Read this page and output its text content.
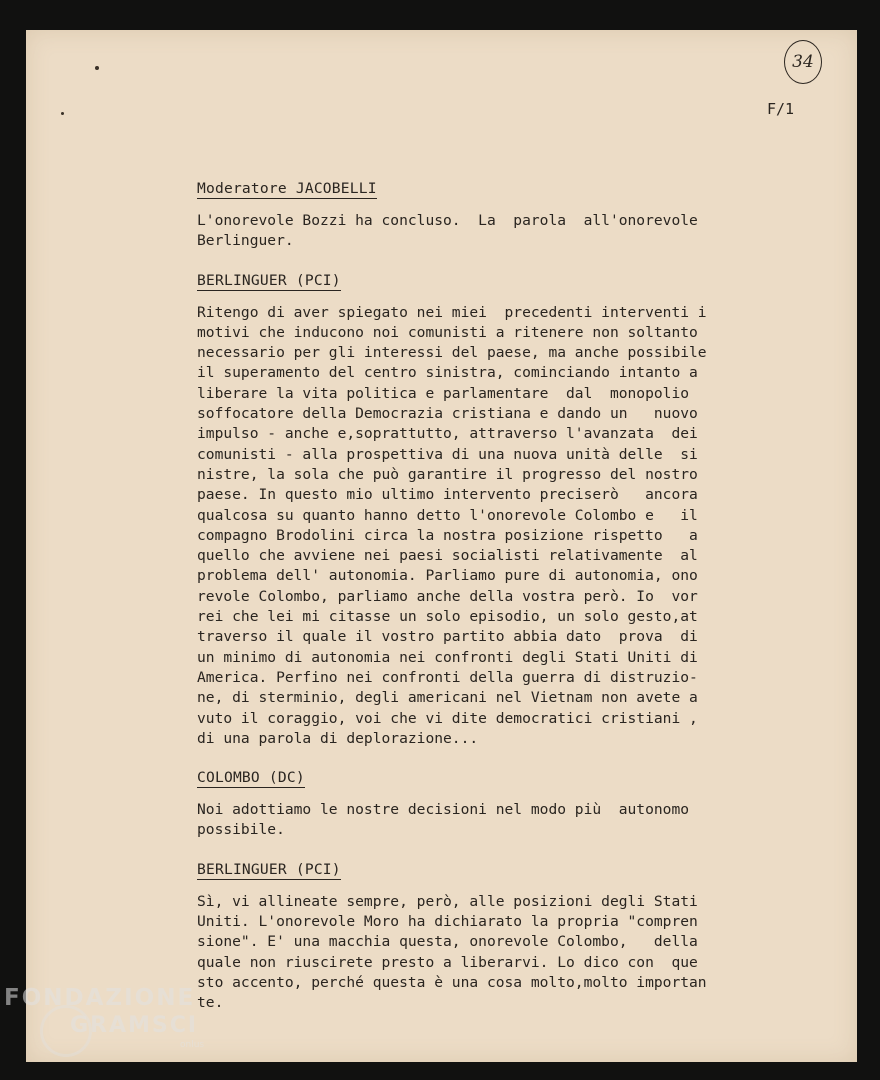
34
F/1
Moderatore JACOBELLI
L'onorevole Bozzi ha concluso.  La  parola  all'onorevole
Berlinguer.
BERLINGUER (PCI)
Ritengo di aver spiegato nei miei  precedenti interventi i
motivi che inducono noi comunisti a ritenere non soltanto
necessario per gli interessi del paese, ma anche possibile
il superamento del centro sinistra, cominciando intanto a
liberare la vita politica e parlamentare  dal  monopolio
soffocatore della Democrazia cristiana e dando un   nuovo
impulso - anche e,soprattutto, attraverso l'avanzata  dei
comunisti - alla prospettiva di una nuova unità delle  si
nistre, la sola che può garantire il progresso del nostro
paese. In questo mio ultimo intervento preciserò   ancora
qualcosa su quanto hanno detto l'onorevole Colombo e   il
compagno Brodolini circa la nostra posizione rispetto   a
quello che avviene nei paesi socialisti relativamente  al
problema dell' autonomia. Parliamo pure di autonomia, ono
revole Colombo, parliamo anche della vostra però. Io  vor
rei che lei mi citasse un solo episodio, un solo gesto,at
traverso il quale il vostro partito abbia dato  prova  di
un minimo di autonomia nei confronti degli Stati Uniti di
America. Perfino nei confronti della guerra di distruzio-
ne, di sterminio, degli americani nel Vietnam non avete a
vuto il coraggio, voi che vi dite democratici cristiani ,
di una parola di deplorazione...
COLOMBO (DC)
Noi adottiamo le nostre decisioni nel modo più  autonomo
possibile.
BERLINGUER (PCI)
Sì, vi allineate sempre, però, alle posizioni degli Stati
Uniti. L'onorevole Moro ha dichiarato la propria "compren
sione". E' una macchia questa, onorevole Colombo,   della
quale non riuscirete presto a liberarvi. Lo dico con  que
sto accento, perché questa è una cosa molto,molto importan
te.
FONDAZIONE
GRAMSCI
onlus
